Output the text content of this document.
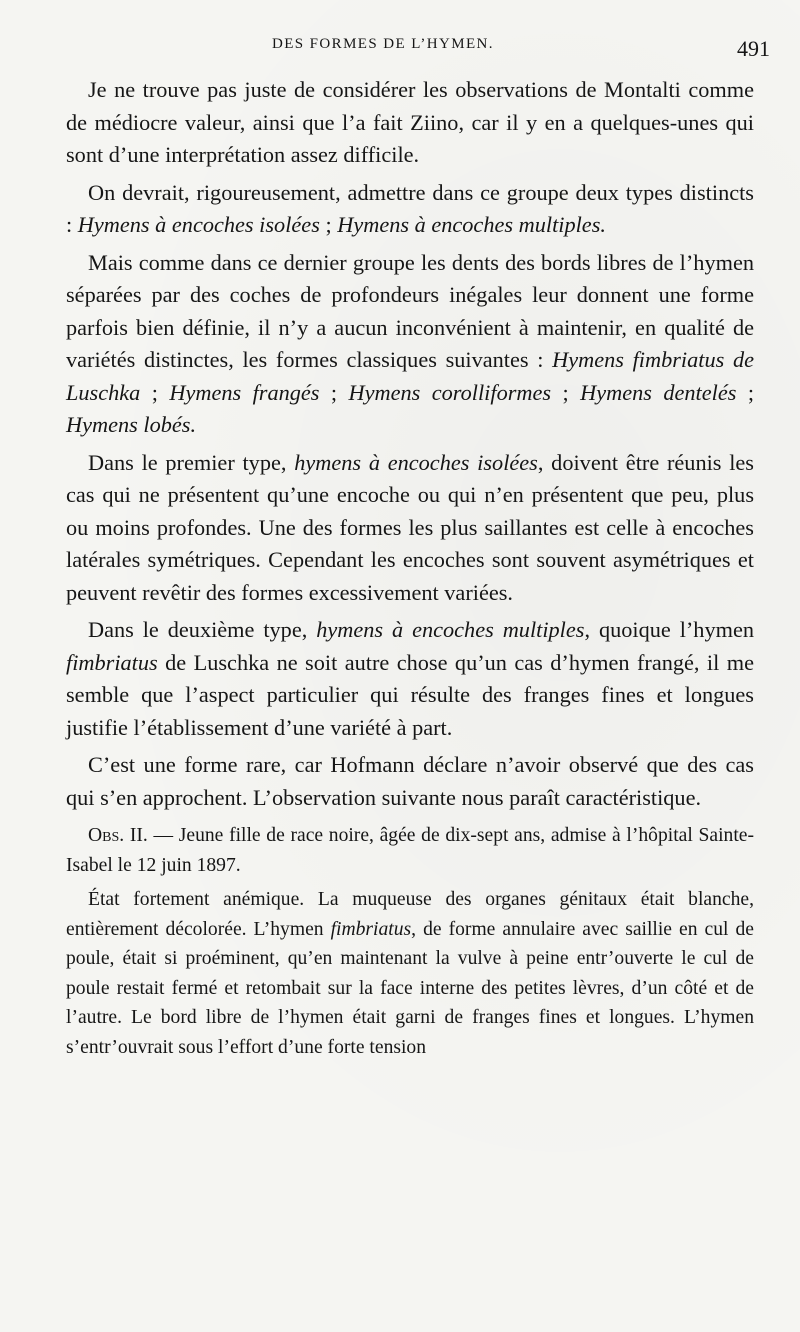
DES FORMES DE L’HYMEN.	491

Je ne trouve pas juste de considérer les observations de Montalti comme de médiocre valeur, ainsi que l’a fait Ziino, car il y en a quelques-unes qui sont d’une interprétation assez difficile.

On devrait, rigoureusement, admettre dans ce groupe deux types distincts : Hymens à encoches isolées ; Hymens à encoches multiples.

Mais comme dans ce dernier groupe les dents des bords libres de l’hymen séparées par des coches de profondeurs inégales leur donnent une forme parfois bien définie, il n’y a aucun inconvénient à maintenir, en qualité de variétés distinctes, les formes classiques suivantes : Hymens fimbriatus de Luschka ; Hymens frangés ; Hymens corolliformes ; Hymens dentelés ; Hymens lobés.

Dans le premier type, hymens à encoches isolées, doivent être réunis les cas qui ne présentent qu’une encoche ou qui n’en présentent que peu, plus ou moins profondes. Une des formes les plus saillantes est celle à encoches latérales symétriques. Cependant les encoches sont souvent asymétriques et peuvent revêtir des formes excessivement variées.

Dans le deuxième type, hymens à encoches multiples, quoique l’hymen fimbriatus de Luschka ne soit autre chose qu’un cas d’hymen frangé, il me semble que l’aspect particulier qui résulte des franges fines et longues justifie l’établissement d’une variété à part.

C’est une forme rare, car Hofmann déclare n’avoir observé que des cas qui s’en approchent. L’observation suivante nous paraît caractéristique.

Obs. II. — Jeune fille de race noire, âgée de dix-sept ans, admise à l’hôpital Sainte-Isabel le 12 juin 1897.

État fortement anémique. La muqueuse des organes génitaux était blanche, entièrement décolorée. L’hymen fimbriatus, de forme annulaire avec saillie en cul de poule, était si proéminent, qu’en maintenant la vulve à peine entr’ouverte le cul de poule restait fermé et retombait sur la face interne des petites lèvres, d’un côté et de l’autre. Le bord libre de l’hymen était garni de franges fines et longues. L’hymen s’entr’ouvrait sous l’effort d’une forte tension
